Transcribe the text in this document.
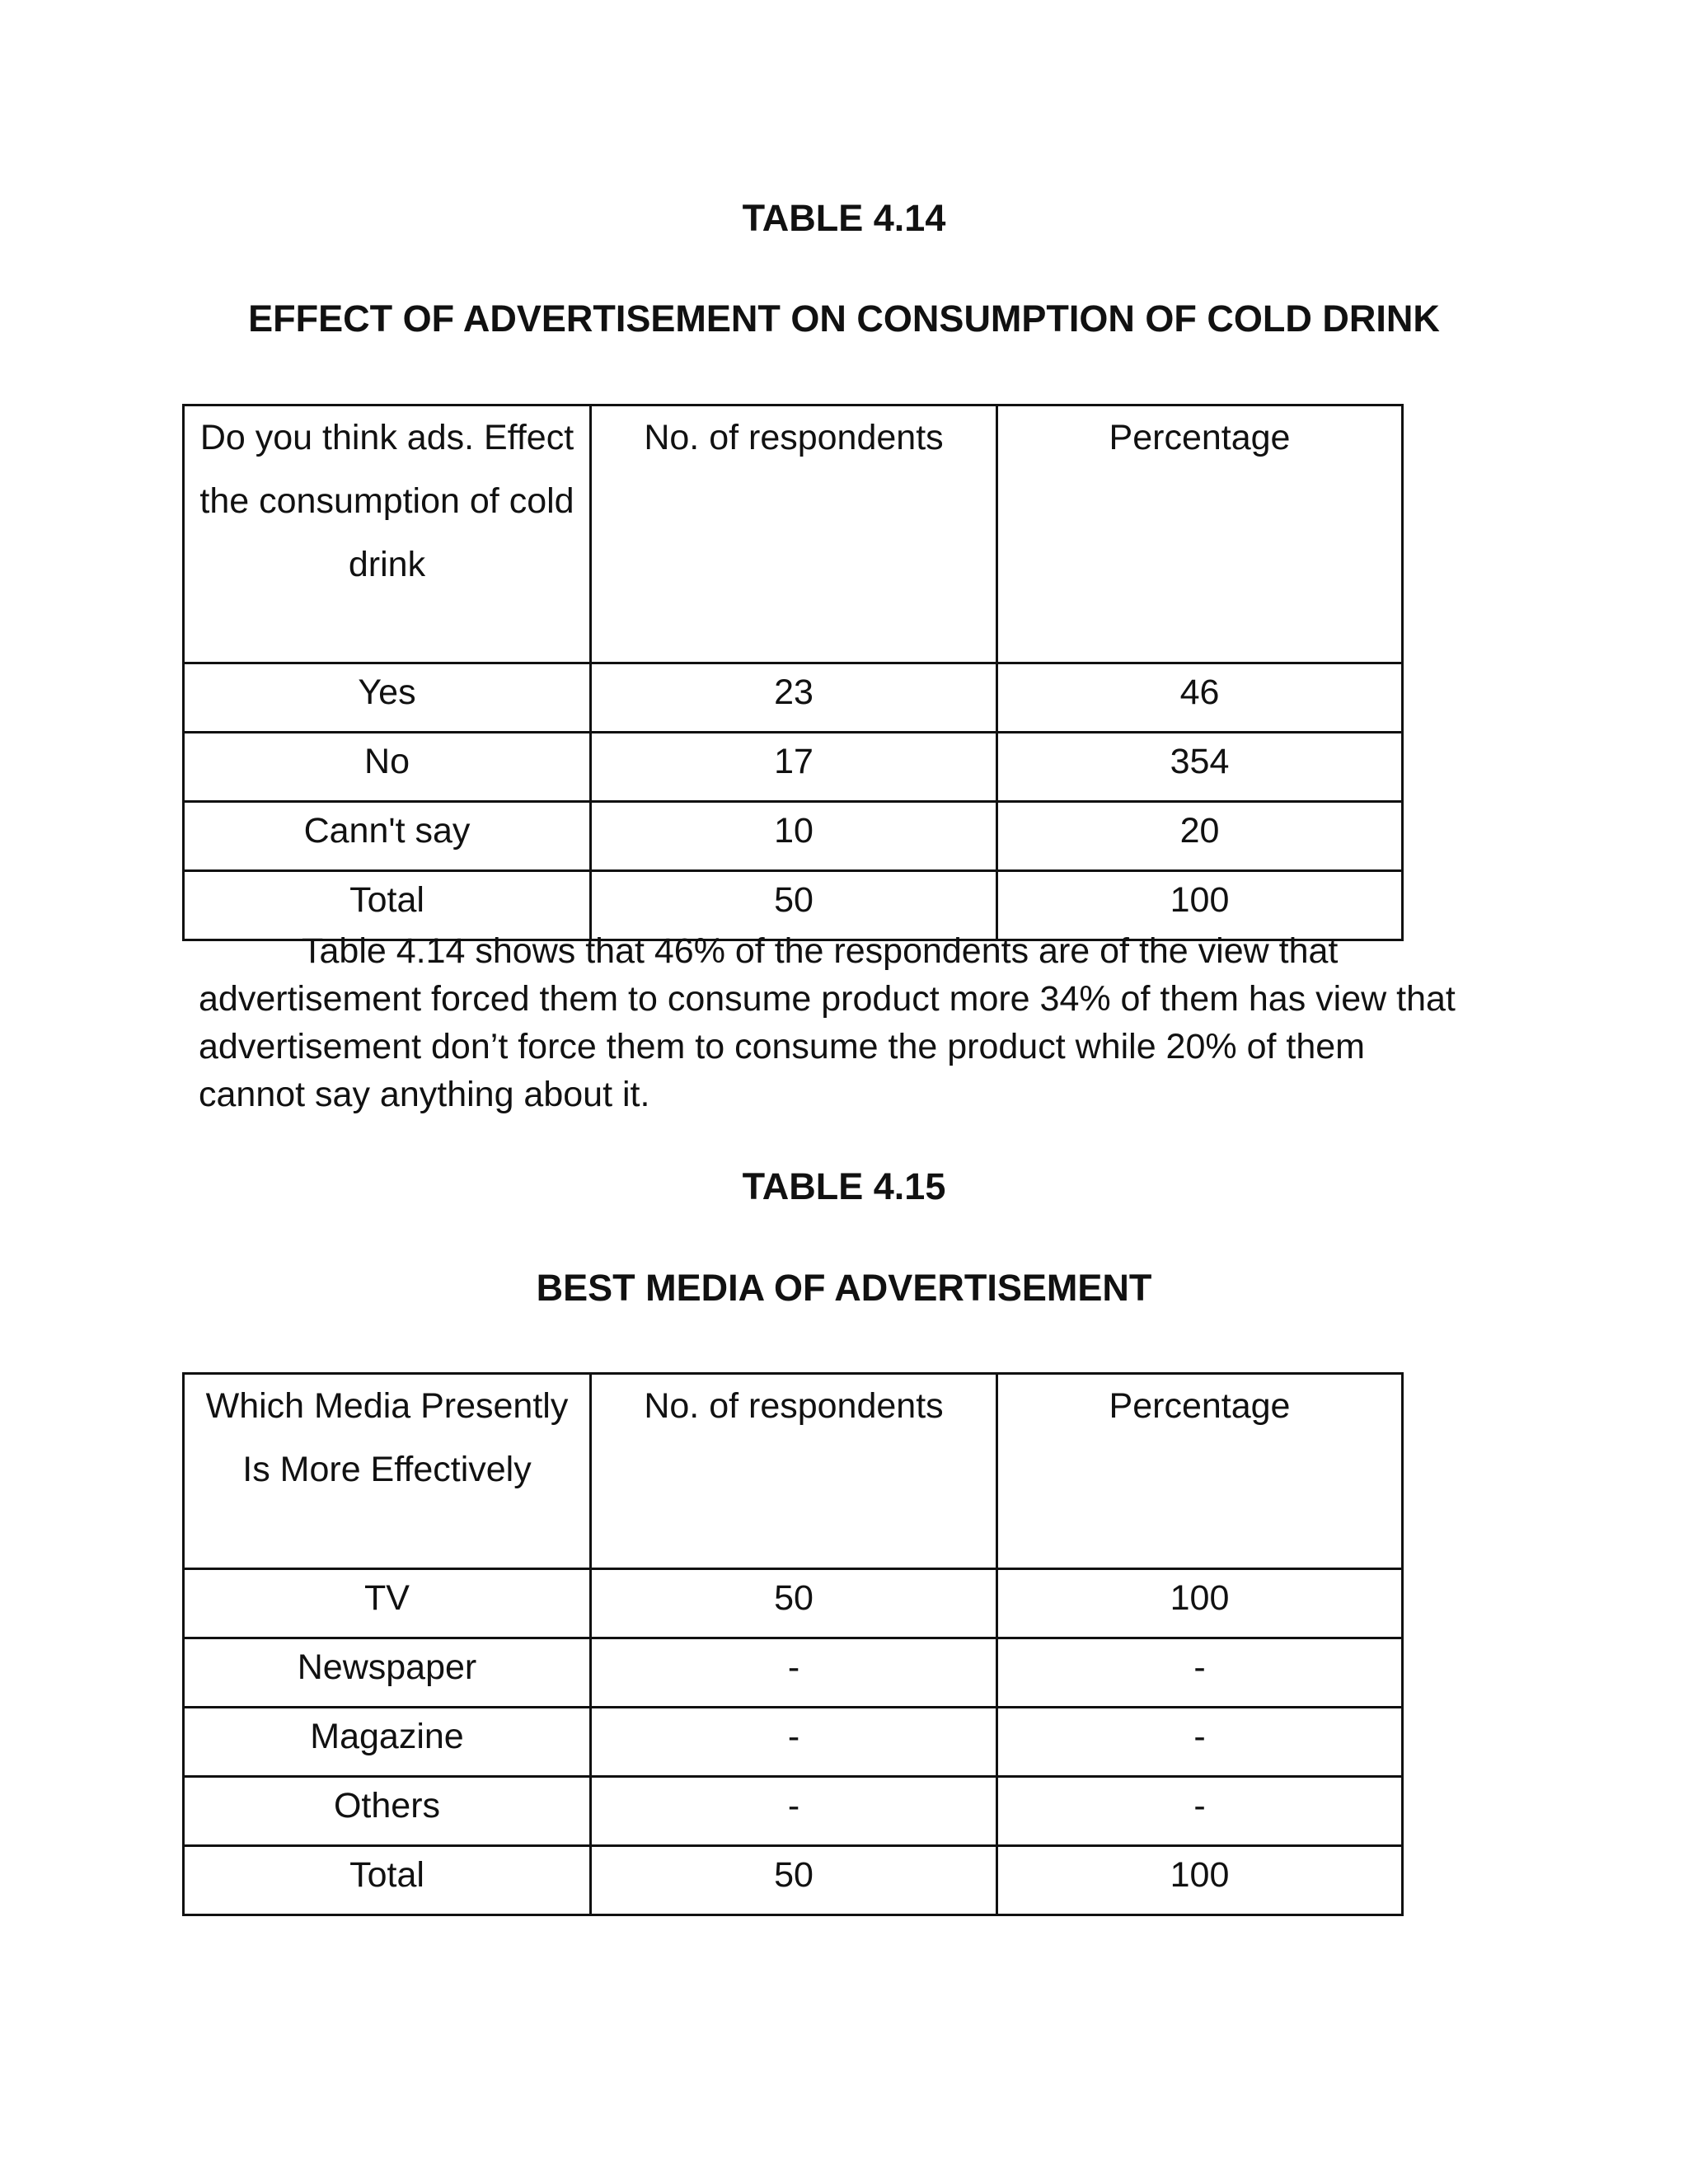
TABLE 4.14
EFFECT OF ADVERTISEMENT ON CONSUMPTION OF COLD DRINK
Do you think ads. Effect the consumption of cold drink	No. of respondents	Percentage
Yes	23	46
No	17	354
Cann't say	10	20
Total	50	100

Table 4.14 shows that 46% of the respondents are of the view that advertisement forced them to consume product more 34% of them has view that advertisement don’t force them to consume the product while 20% of them cannot say anything about it.

TABLE 4.15
BEST MEDIA OF ADVERTISEMENT
Which Media Presently Is More Effectively	No. of respondents	Percentage
TV	50	100
Newspaper	-	-
Magazine	-	-
Others	-	-
Total	50	100
